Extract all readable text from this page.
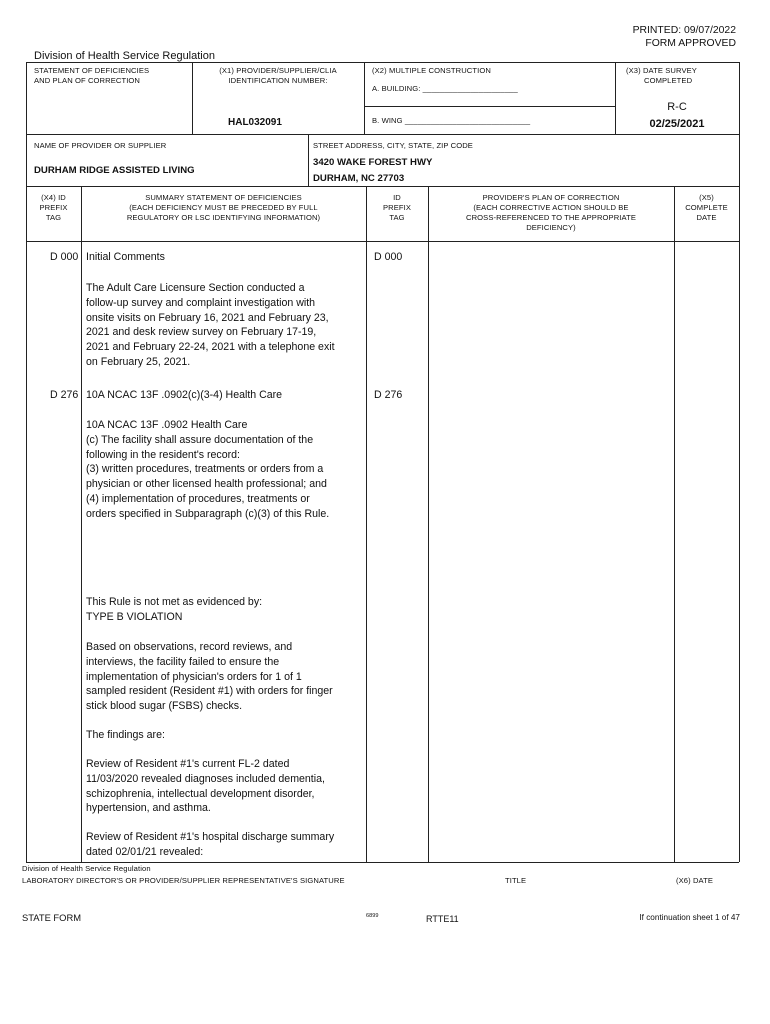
PRINTED: 09/07/2022
FORM APPROVED
Division of Health Service Regulation
STATEMENT OF DEFICIENCIES
AND PLAN OF CORRECTION
(X1) PROVIDER/SUPPLIER/CLIA
IDENTIFICATION NUMBER:
HAL032091
(X2) MULTIPLE CONSTRUCTION
A. BUILDING: ______________________
B. WING _____________________________
(X3) DATE SURVEY
COMPLETED
R-C
02/25/2021
NAME OF PROVIDER OR SUPPLIER
DURHAM RIDGE ASSISTED LIVING
STREET ADDRESS, CITY, STATE, ZIP CODE
3420 WAKE FOREST HWY
DURHAM, NC 27703
(X4) ID
PREFIX
TAG
SUMMARY STATEMENT OF DEFICIENCIES
(EACH DEFICIENCY MUST BE PRECEDED BY FULL
REGULATORY OR LSC IDENTIFYING INFORMATION)
ID
PREFIX
TAG
PROVIDER'S PLAN OF CORRECTION
(EACH CORRECTIVE ACTION SHOULD BE
CROSS-REFERENCED TO THE APPROPRIATE
DEFICIENCY)
(X5)
COMPLETE
DATE
D 000 Initial Comments	D 000
The Adult Care Licensure Section conducted a follow-up survey and complaint investigation with onsite visits on February 16, 2021 and February 23, 2021 and desk review survey on February 17-19, 2021 and February 22-24, 2021 with a telephone exit on February 25, 2021.
D 276 10A NCAC 13F .0902(c)(3-4) Health Care	D 276
10A NCAC 13F .0902 Health Care
(c) The facility shall assure documentation of the following in the resident's record:
(3) written procedures, treatments or orders from a physician or other licensed health professional; and
(4) implementation of procedures, treatments or orders specified in Subparagraph (c)(3) of this Rule.
This Rule is not met as evidenced by:
TYPE B VIOLATION
Based on observations, record reviews, and interviews, the facility failed to ensure the implementation of physician's orders for 1 of 1 sampled resident (Resident #1) with orders for finger stick blood sugar (FSBS) checks.
The findings are:
Review of Resident #1's current FL-2 dated 11/03/2020 revealed diagnoses included dementia, schizophrenia, intellectual development disorder, hypertension, and asthma.
Review of Resident #1's hospital discharge summary dated 02/01/21 revealed:
Division of Health Service Regulation
LABORATORY DIRECTOR'S OR PROVIDER/SUPPLIER REPRESENTATIVE'S SIGNATURE	TITLE	(X6) DATE
STATE FORM	6899	RTTE11	If continuation sheet 1 of 47
